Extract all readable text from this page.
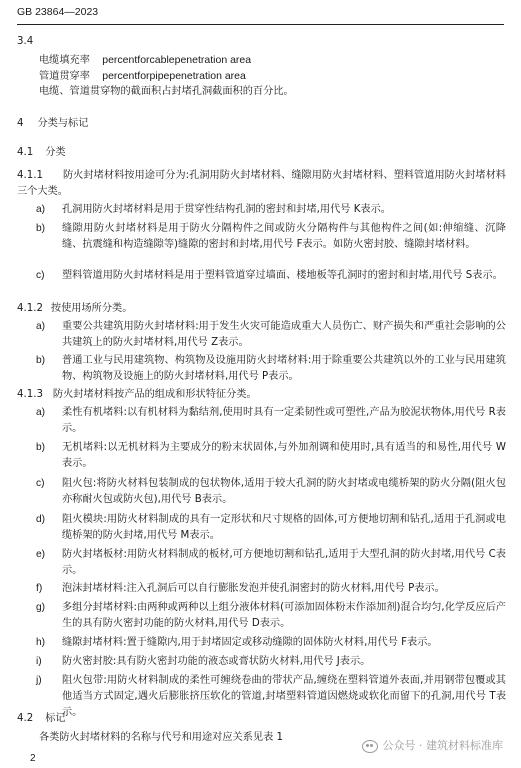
GB 23864—2023
3.4
电缆填充率 percentforcablepenetration area
管道贯穿率 percentforpipepenetration area
电缆、管道贯穿物的截面积占封堵孔洞截面积的百分比。
4 分类与标记
4.1 分类
4.1.1 防火封堵材料按用途可分为:孔洞用防火封堵材料、缝隙用防火封堵材料、塑料管道用防火封堵材料三个大类。
a)	孔洞用防火封堵材料是用于贯穿性结构孔洞的密封和封堵,用代号 K表示。
b)	缝隙用防火封堵材料是用于防火分隔构件之间或防火分隔构件与其他构件之间(如:伸缩缝、沉降缝、抗震缝和构造缝隙等)缝隙的密封和封堵,用代号 F表示。如防火密封胶、缝隙封堵材料。
c)	塑料管道用防火封堵材料是用于塑料管道穿过墙面、楼地板等孔洞时的密封和封堵,用代号 S表示。
4.1.2 按使用场所分类。
a)	重要公共建筑用防火封堵材料:用于发生火灾可能造成重大人员伤亡、财产损失和严重社会影响的公共建筑上的防火封堵材料,用代号 Z表示。
b)	普通工业与民用建筑物、构筑物及设施用防火封堵材料:用于除重要公共建筑以外的工业与民用建筑物、构筑物及设施上的防火封堵材料,用代号 P表示。
4.1.3 防火封堵材料按产品的组成和形状特征分类。
a)	柔性有机堵料:以有机材料为黏结剂,使用时具有一定柔韧性或可塑性,产品为胶泥状物体,用代号 R表示。
b)	无机堵料:以无机材料为主要成分的粉末状固体,与外加剂调和使用时,具有适当的和易性,用代号 W 表示。
c)	阻火包:将防火材料包装制成的包状物体,适用于较大孔洞的防火封堵或电缆桥架的防火分隔(阻火包亦称耐火包或防火包),用代号 B表示。
d)	阻火模块:用防火材料制成的具有一定形状和尺寸规格的固体,可方便地切割和钻孔,适用于孔洞或电缆桥架的防火封堵,用代号 M表示。
e)	防火封堵板材:用防火材料制成的板材,可方便地切割和钻孔,适用于大型孔洞的防火封堵,用代号 C表示。
f)	泡沫封堵材料:注入孔洞后可以自行膨胀发泡并使孔洞密封的防火材料,用代号 P表示。
g)	多组分封堵材料:由两种或两种以上组分液体材料(可添加固体粉末作添加剂)混合均匀,化学反应后产生的具有防火密封功能的防火材料,用代号 D表示。
h)	缝隙封堵材料:置于缝隙内,用于封堵固定或移动缝隙的固体防火材料,用代号 F表示。
i)	防火密封胶:具有防火密封功能的液态或膏状防火材料,用代号 J表示。
j)	阻火包带:用防火材料制成的柔性可缠绕卷曲的带状产品,缠绕在塑料管道外表面,并用钢带包覆或其他适当方式固定,遇火后膨胀挤压软化的管道,封堵塑料管道因燃烧或软化而留下的孔洞,用代号 T表示。
4.2 标记
各类防火封堵材料的名称与代号和用途对应关系见表 1
公众号 · 建筑材料标准库
2
